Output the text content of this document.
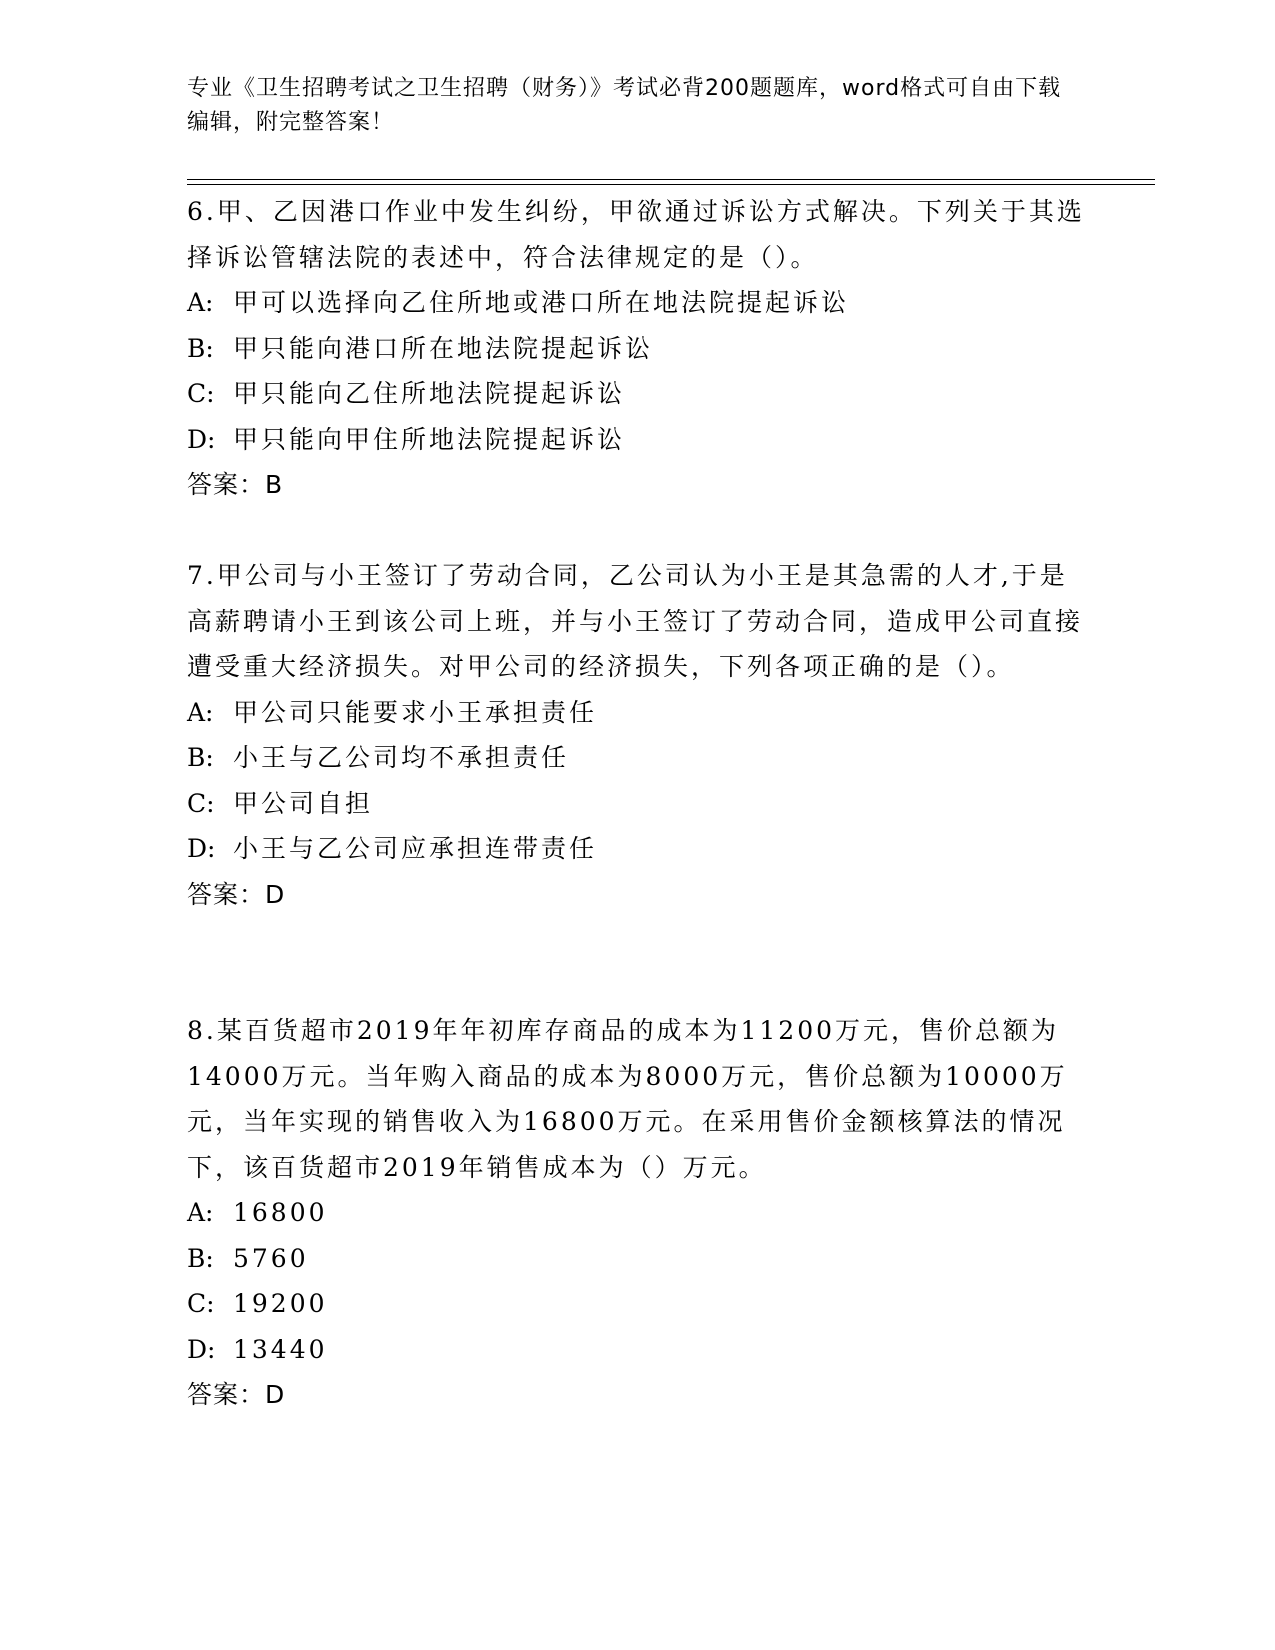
专业《卫生招聘考试之卫生招聘（财务）》考试必背200题题库，word格式可自由下载编辑，附完整答案！
6.甲、乙因港口作业中发生纠纷，甲欲通过诉讼方式解决。下列关于其选择诉讼管辖法院的表述中，符合法律规定的是（）。
A: 甲可以选择向乙住所地或港口所在地法院提起诉讼
B: 甲只能向港口所在地法院提起诉讼
C: 甲只能向乙住所地法院提起诉讼
D: 甲只能向甲住所地法院提起诉讼
答案：B
7.甲公司与小王签订了劳动合同，乙公司认为小王是其急需的人才,于是高薪聘请小王到该公司上班，并与小王签订了劳动合同，造成甲公司直接遭受重大经济损失。对甲公司的经济损失，下列各项正确的是（）。
A: 甲公司只能要求小王承担责任
B: 小王与乙公司均不承担责任
C: 甲公司自担
D: 小王与乙公司应承担连带责任
答案：D
8.某百货超市2019年年初库存商品的成本为11200万元，售价总额为14000万元。当年购入商品的成本为8000万元，售价总额为10000万元，当年实现的销售收入为16800万元。在采用售价金额核算法的情况下，该百货超市2019年销售成本为（）万元。
A: 16800
B: 5760
C: 19200
D: 13440
答案：D
